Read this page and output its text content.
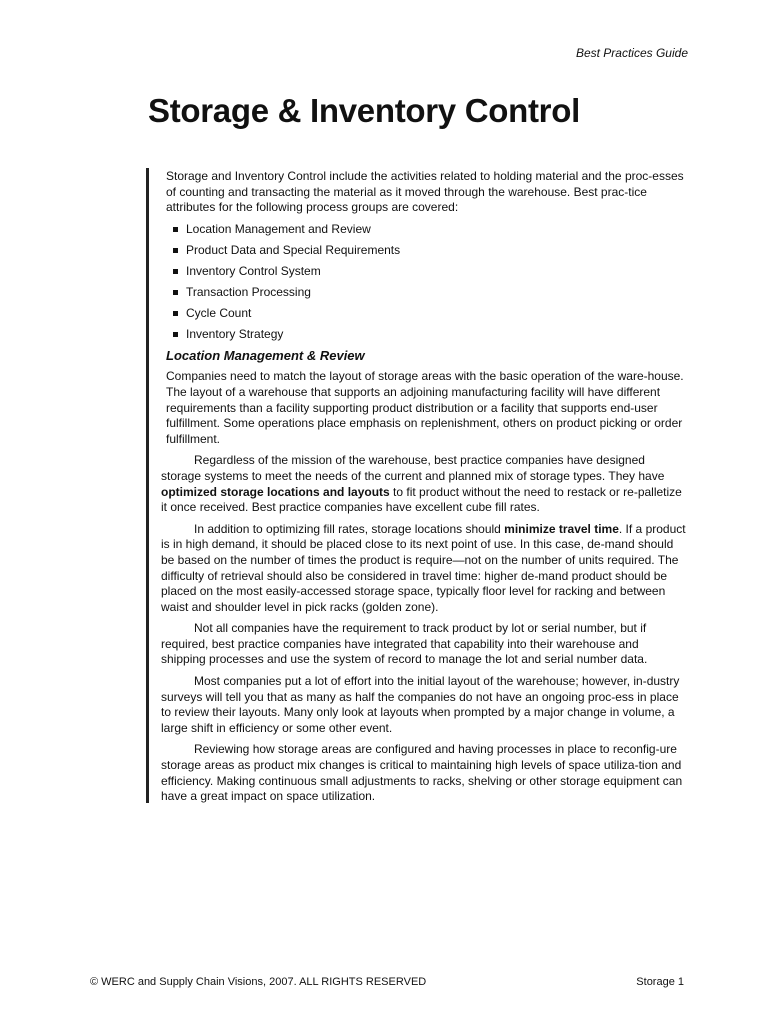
Best Practices Guide
Storage & Inventory Control

Storage and Inventory Control include the activities related to holding material and the proc-esses of counting and transacting the material as it moved through the warehouse. Best prac-tice attributes for the following process groups are covered:

Location Management and Review
Product Data and Special Requirements
Inventory Control System
Transaction Processing
Cycle Count
Inventory Strategy
Location Management & Review

Companies need to match the layout of storage areas with the basic operation of the ware-house. The layout of a warehouse that supports an adjoining manufacturing facility will have different requirements than a facility supporting product distribution or a facility that supports end-user fulfillment. Some operations place emphasis on replenishment, others on product picking or order fulfillment.

Regardless of the mission of the warehouse, best practice companies have designed storage systems to meet the needs of the current and planned mix of storage types. They have optimized storage locations and layouts to fit product without the need to restack or re-palletize it once received. Best practice companies have excellent cube fill rates.

In addition to optimizing fill rates, storage locations should minimize travel time. If a product is in high demand, it should be placed close to its next point of use. In this case, de-mand should be based on the number of times the product is require—not on the number of units required. The difficulty of retrieval should also be considered in travel time: higher de-mand product should be placed on the most easily-accessed storage space, typically floor level for racking and between waist and shoulder level in pick racks (golden zone).

Not all companies have the requirement to track product by lot or serial number, but if required, best practice companies have integrated that capability into their warehouse and shipping processes and use the system of record to manage the lot and serial number data.

Most companies put a lot of effort into the initial layout of the warehouse; however, in-dustry surveys will tell you that as many as half the companies do not have an ongoing proc-ess in place to review their layouts. Many only look at layouts when prompted by a major change in volume, a large shift in efficiency or some other event.

Reviewing how storage areas are configured and having processes in place to reconfig-ure storage areas as product mix changes is critical to maintaining high levels of space utiliza-tion and efficiency. Making continuous small adjustments to racks, shelving or other storage equipment can have a great impact on space utilization.

© WERC and Supply Chain Visions, 2007. ALL RIGHTS RESERVED	Storage 1
